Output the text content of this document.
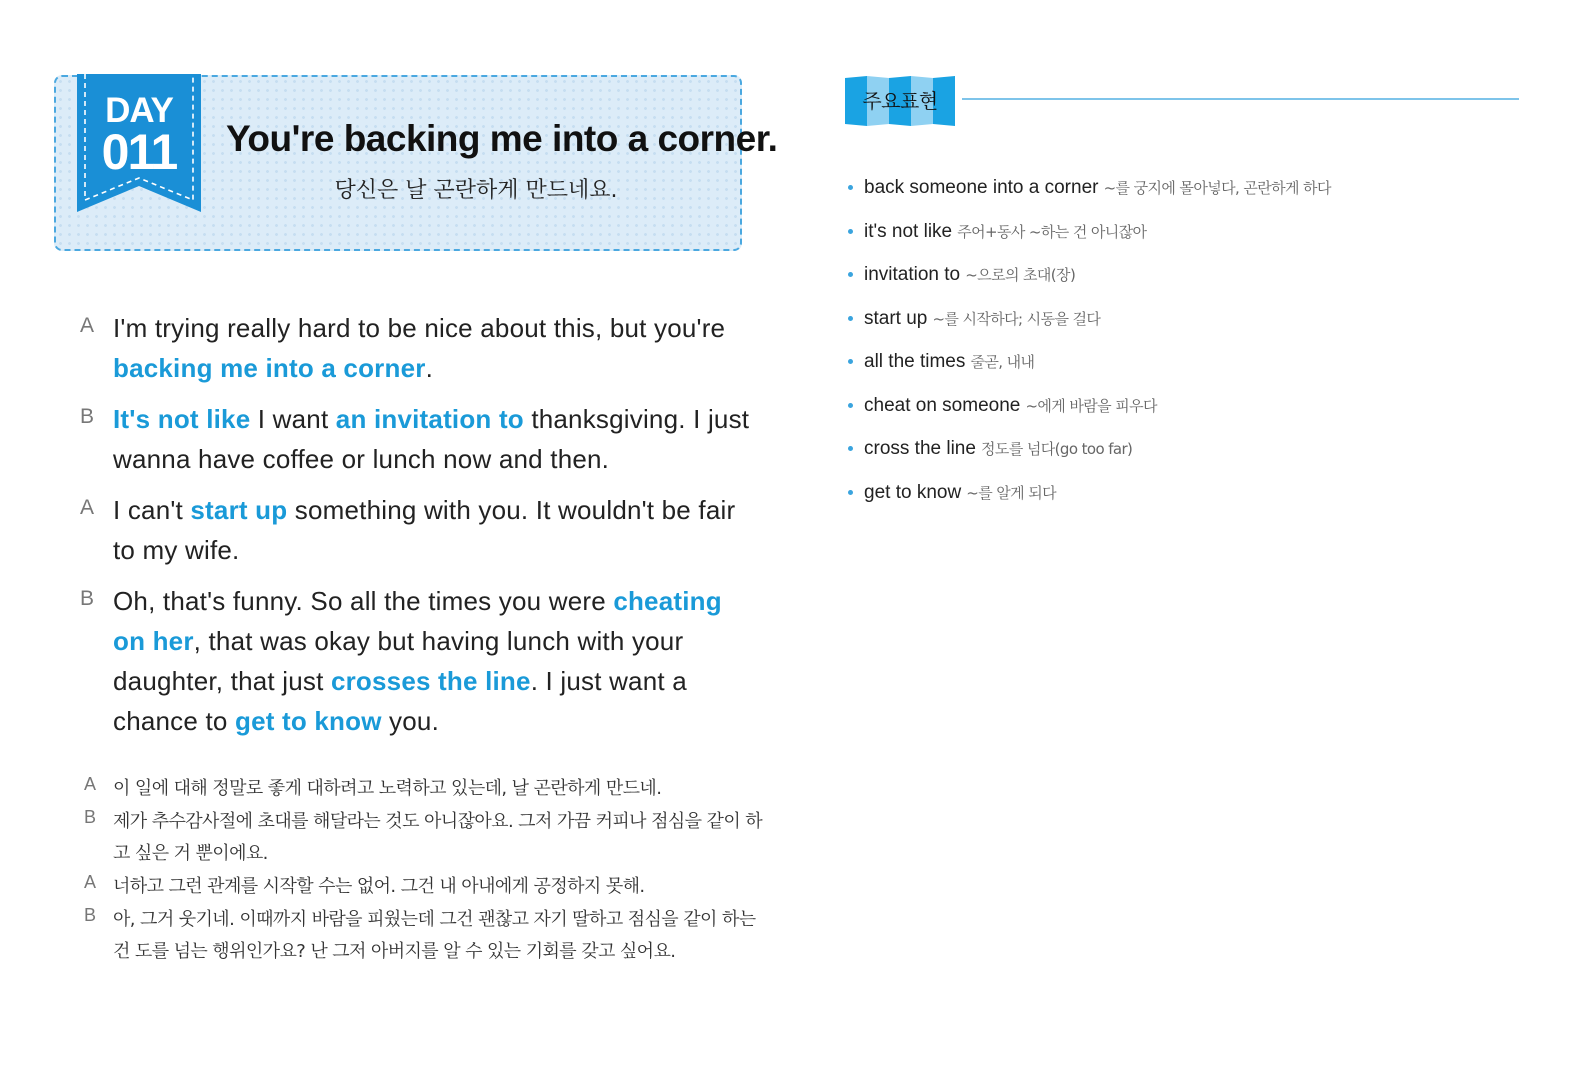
DAY
011	You're backing me into a corner.
당신은 날 곤란하게 만드네요.
A I'm trying really hard to be nice about this, but you're backing me into a corner.
B It's not like I want an invitation to thanksgiving. I just wanna have coffee or lunch now and then.
A I can't start up something with you. It wouldn't be fair to my wife.
B Oh, that's funny. So all the times you were cheating on her, that was okay but having lunch with your daughter, that just crosses the line. I just want a chance to get to know you.
A 이 일에 대해 정말로 좋게 대하려고 노력하고 있는데, 날 곤란하게 만드네.
B 제가 추수감사절에 초대를 해달라는 것도 아니잖아요. 그저 가끔 커피나 점심을 같이 하고 싶은 거 뿐이에요.
A 너하고 그런 관계를 시작할 수는 없어. 그건 내 아내에게 공정하지 못해.
B 아, 그거 웃기네. 이때까지 바람을 피웠는데 그건 괜찮고 자기 딸하고 점심을 같이 하는 건 도를 넘는 행위인가요? 난 그저 아버지를 알 수 있는 기회를 갖고 싶어요.
주요표현
back someone into a corner ~를 궁지에 몰아넣다, 곤란하게 하다
it's not like 주어+동사 ~하는 건 아니잖아
invitation to ~으로의 초대(장)
start up ~를 시작하다; 시동을 걸다
all the times 줄곧, 내내
cheat on someone ~에게 바람을 피우다
cross the line 정도를 넘다(go too far)
get to know ~를 알게 되다
